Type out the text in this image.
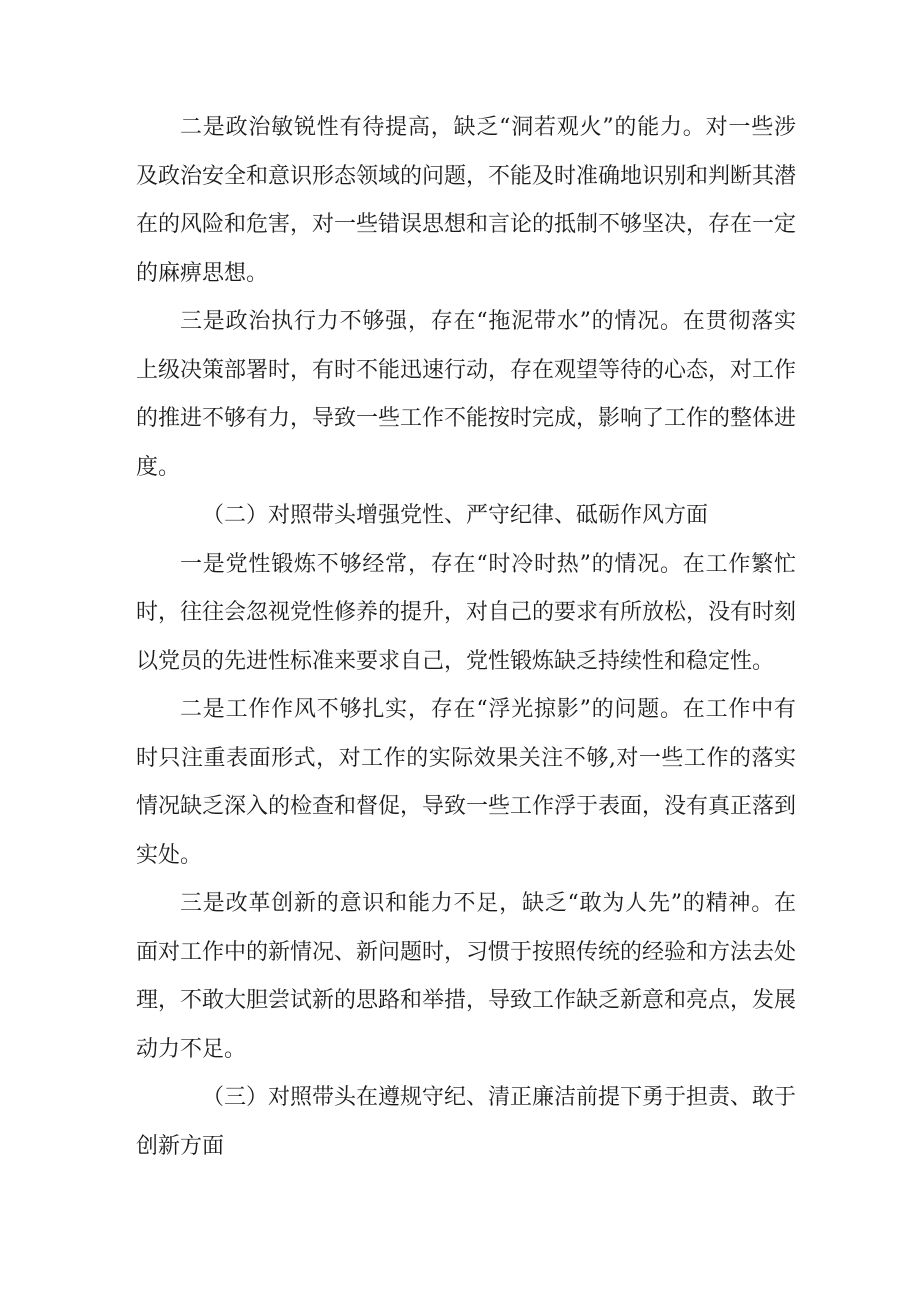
二是政治敏锐性有待提高，缺乏“洞若观火”的能力。对一些涉及政治安全和意识形态领域的问题，不能及时准确地识别和判断其潜在的风险和危害，对一些错误思想和言论的抵制不够坚决，存在一定的麻痹思想。

三是政治执行力不够强，存在“拖泥带水”的情况。在贯彻落实上级决策部署时，有时不能迅速行动，存在观望等待的心态，对工作的推进不够有力，导致一些工作不能按时完成，影响了工作的整体进度。

（二）对照带头增强党性、严守纪律、砥砺作风方面

一是党性锻炼不够经常，存在“时冷时热”的情况。在工作繁忙时，往往会忽视党性修养的提升，对自己的要求有所放松，没有时刻以党员的先进性标准来要求自己，党性锻炼缺乏持续性和稳定性。

二是工作作风不够扎实，存在“浮光掠影”的问题。在工作中有时只注重表面形式，对工作的实际效果关注不够,对一些工作的落实情况缺乏深入的检查和督促，导致一些工作浮于表面，没有真正落到实处。

三是改革创新的意识和能力不足，缺乏“敢为人先”的精神。在面对工作中的新情况、新问题时，习惯于按照传统的经验和方法去处理，不敢大胆尝试新的思路和举措，导致工作缺乏新意和亮点，发展动力不足。

（三）对照带头在遵规守纪、清正廉洁前提下勇于担责、敢于创新方面
